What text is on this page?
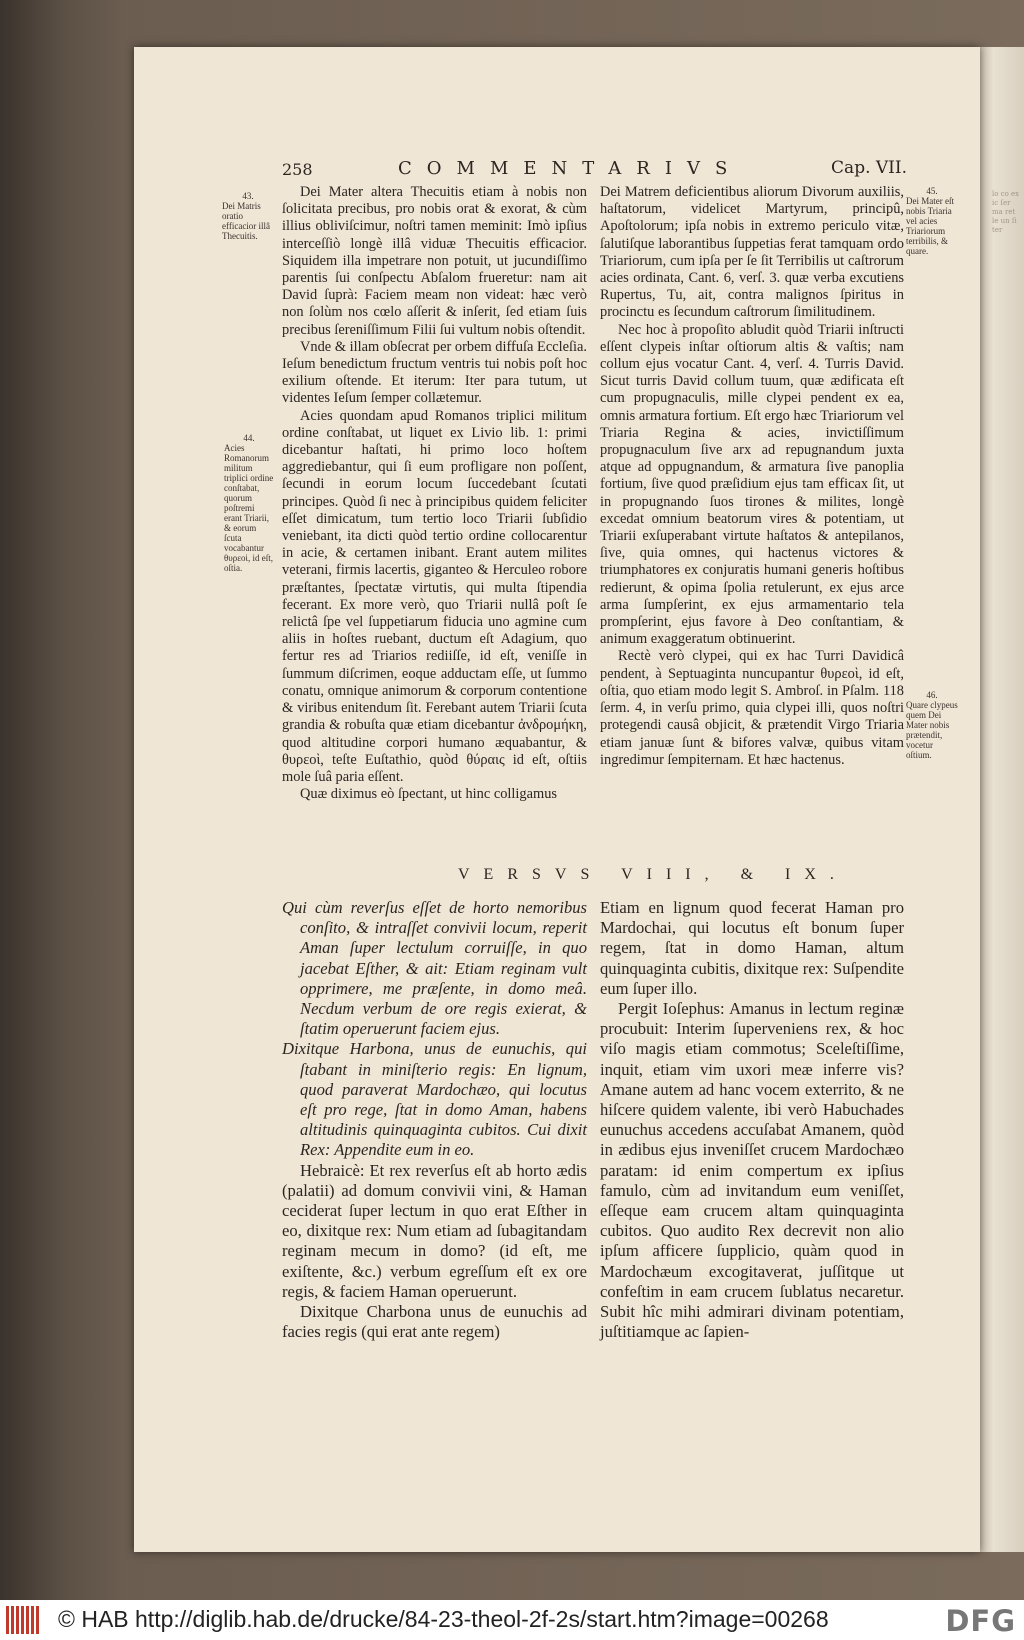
lo co ex ic ſer ma ret le un ſi ter
258	COMMENTARIVS	Cap. VII.
43.
Dei Matris oratio efficacior illâ Thecuitis.
44.
Acies Romanorum militum triplici ordine conſtabat, quorum poſtremi erant Triarii, & eorum ſcuta vocabantur θυρεοὶ, id eſt, oſtia.
45.
Dei Mater eſt nobis Triaria vel acies Triariorum terribilis, & quare.
46.
Quare clypeus quem Dei Mater nobis prætendit, vocetur oſtium.

Dei Mater altera Thecuitis etiam à nobis non ſolicitata precibus, pro nobis orat & exorat, & cùm illius obliviſcimur, noſtri tamen meminit: Imò ipſius interceſſiò longè illâ viduæ Thecuitis efficacior. Siquidem illa impetrare non potuit, ut jucundiſſimo parentis ſui conſpectu Abſalom frueretur: nam ait David ſuprà: Faciem meam non videat: hæc verò non ſolùm nos cœlo aſſerit & inſerit, ſed etiam ſuis precibus ſereniſſimum Filii ſui vultum nobis oſtendit.

Vnde & illam obſecrat per orbem diffuſa Eccleſia. Ieſum benedictum fructum ventris tui nobis poſt hoc exilium oſtende. Et iterum: Iter para tutum, ut videntes Ieſum ſemper collætemur.

Acies quondam apud Romanos triplici militum ordine conſtabat, ut liquet ex Livio lib. 1: primi dicebantur haſtati, hi primo loco hoſtem aggrediebantur, qui ſi eum profligare non poſſent, ſecundi in eorum locum ſuccedebant ſcutati principes. Quòd ſi nec à principibus quidem feliciter eſſet dimicatum, tum tertio loco Triarii ſubſidio veniebant, ita dicti quòd tertio ordine collocarentur in acie, & certamen inibant. Erant autem milites veterani, firmis lacertis, giganteo & Herculeo robore præſtantes, ſpectatæ virtutis, qui multa ſtipendia fecerant. Ex more verò, quo Triarii nullâ poſt ſe relictâ ſpe vel ſuppetiarum fiducia uno agmine cum aliis in hoſtes ruebant, ductum eſt Adagium, quo fertur res ad Triarios rediiſſe, id eſt, veniſſe in ſummum diſcrimen, eoque adductam eſſe, ut ſummo conatu, omnique animorum & corporum contentione & viribus enitendum ſit. Ferebant autem Triarii ſcuta grandia & robuſta quæ etiam dicebantur ἀνδρομήκη, quod altitudine corpori humano æquabantur, & θυρεοὶ, teſte Euſtathio, quòd θύραις id eſt, oſtiis mole ſuâ paria eſſent.

Quæ diximus eò ſpectant, ut hinc colligamus

Dei Matrem deficientibus aliorum Divorum auxiliis, haſtatorum, videlicet Martyrum, principû, Apoſtolorum; ipſa nobis in extremo periculo vitæ, ſalutiſque laborantibus ſuppetias ferat tamquam ordo Triariorum, cum ipſa per ſe ſit Terribilis ut caſtrorum acies ordinata, Cant. 6, verſ. 3. quæ verba excutiens Rupertus, Tu, ait, contra malignos ſpiritus in procinctu es ſecundum caſtrorum ſimilitudinem.

Nec hoc à propoſito abludit quòd Triarii inſtructi eſſent clypeis inſtar oſtiorum altis & vaſtis; nam collum ejus vocatur Cant. 4, verſ. 4. Turris David. Sicut turris David collum tuum, quæ ædificata eſt cum propugnaculis, mille clypei pendent ex ea, omnis armatura fortium. Eſt ergo hæc Triariorum vel Triaria Regina & acies, invictiſſimum propugnaculum ſive arx ad repugnandum juxta atque ad oppugnandum, & armatura ſive panoplia fortium, ſive quod præſidium ejus tam efficax ſit, ut in propugnando ſuos tirones & milites, longè excedat omnium beatorum vires & potentiam, ut Triarii exſuperabant virtute haſtatos & antepilanos, ſive, quia omnes, qui hactenus victores & triumphatores ex conjuratis humani generis hoſtibus redierunt, & opima ſpolia retulerunt, ex ejus arce arma ſumpſerint, ex ejus armamentario tela prompſerint, ejus favore à Deo conſtantiam, & animum exaggeratum obtinuerint.

Rectè verò clypei, qui ex hac Turri Davidicâ pendent, à Septuaginta nuncupantur θυρεοὶ, id eſt, oſtia, quo etiam modo legit S. Ambroſ. in Pſalm. 118 ſerm. 4, in verſu primo, quia clypei illi, quos noſtri protegendi causâ objicit, & prætendit Virgo Triaria etiam januæ ſunt & bifores valvæ, quibus vitam ingredimur ſempiternam. Et hæc hactenus.

VERSVS VIII, & IX.

Qui cùm reverſus eſſet de horto nemoribus conſito, & intraſſet convivii locum, reperit Aman ſuper lectulum corruiſſe, in quo jacebat Eſther, & ait: Etiam reginam vult opprimere, me præſente, in domo meâ. Necdum verbum de ore regis exierat, & ſtatim operuerunt faciem ejus.

Dixitque Harbona, unus de eunuchis, qui ſtabant in miniſterio regis: En lignum, quod paraverat Mardochæo, qui locutus eſt pro rege, ſtat in domo Aman, habens altitudinis quinquaginta cubitos. Cui dixit Rex: Appendite eum in eo.

Hebraicè: Et rex reverſus eſt ab horto ædis (palatii) ad domum convivii vini, & Haman ceciderat ſuper lectum in quo erat Eſther in eo, dixitque rex: Num etiam ad ſubagitandam reginam mecum in domo? (id eſt, me exiſtente, &c.) verbum egreſſum eſt ex ore regis, & faciem Haman operuerunt.

Dixitque Charbona unus de eunuchis ad facies regis (qui erat ante regem)

Etiam en lignum quod fecerat Haman pro Mardochai, qui locutus eſt bonum ſuper regem, ſtat in domo Haman, altum quinquaginta cubitis, dixitque rex: Suſpendite eum ſuper illo.

Pergit Ioſephus: Amanus in lectum reginæ procubuit: Interim ſuperveniens rex, & hoc viſo magis etiam commotus; Sceleſtiſſime, inquit, etiam vim uxori meæ inferre vis? Amane autem ad hanc vocem exterrito, & ne hiſcere quidem valente, ibi verò Habuchades eunuchus accedens accuſabat Amanem, quòd in ædibus ejus inveniſſet crucem Mardochæo paratam: id enim compertum ex ipſius famulo, cùm ad invitandum eum veniſſet, eſſeque eam crucem altam quinquaginta cubitos. Quo audito Rex decrevit non alio ipſum afficere ſupplicio, quàm quod in Mardochæum excogitaverat, juſſitque ut confeſtim in eam crucem ſublatus necaretur. Subit hîc mihi admirari divinam potentiam, juſtitiamque ac ſapien-

© HAB http://diglib.hab.de/drucke/84-23-theol-2f-2s/start.htm?image=00268	DFG
